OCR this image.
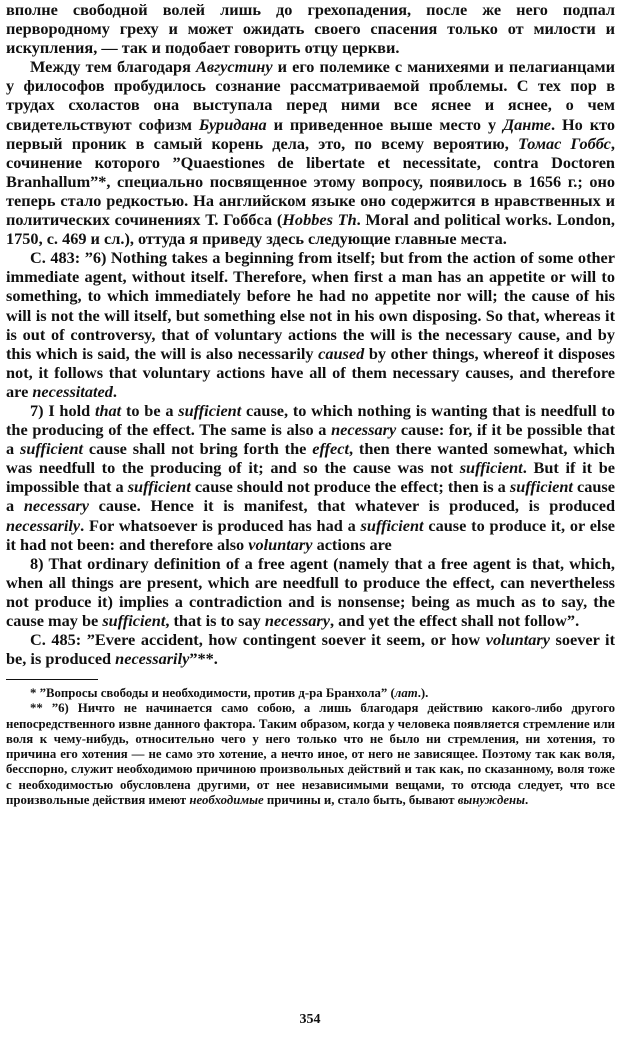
вполне свободной волей лишь до грехопадения, после же него подпал первородному греху и может ожидать своего спасения только от милости и искупления, — так и подобает говорить отцу церкви.

Между тем благодаря Августину и его полемике с манихеями и пелагианцами у философов пробудилось сознание рассматриваемой проблемы. С тех пор в трудах схоластов она выступала перед ними все яснее и яснее, о чем свидетельствуют софизм Буридана и приведенное выше место у Данте. Но кто первый проник в самый корень дела, это, по всему вероятию, Томас Гоббс, сочинение которого ”Quaestiones de libertate et necessitate, contra Doctoren Branhallum”*, специально посвященное этому вопросу, появилось в 1656 г.; оно теперь стало редкостью. На английском языке оно содержится в нравственных и политических сочинениях Т. Гоббса (Hobbes Th. Moral and political works. London, 1750, с. 469 и сл.), оттуда я приведу здесь следующие главные места.

С. 483: ”6) Nothing takes a beginning from itself; but from the action of some other immediate agent, without itself. Therefore, when first a man has an appetite or will to something, to which immediately before he had no appetite nor will; the cause of his will is not the will itself, but something else not in his own disposing. So that, whereas it is out of controversy, that of voluntary actions the will is the necessary cause, and by this which is said, the will is also necessarily caused by other things, whereof it disposes not, it follows that voluntary actions have all of them necessary causes, and therefore are necessitated.

7) I hold that to be a sufficient cause, to which nothing is wanting that is needfull to the producing of the effect. The same is also a necessary cause: for, if it be possible that a sufficient cause shall not bring forth the effect, then there wanted somewhat, which was needfull to the producing of it; and so the cause was not sufficient. But if it be impossible that a sufficient cause should not produce the effect; then is a sufficient cause a necessary cause. Hence it is manifest, that whatever is produced, is produced necessarily. For whatsoever is produced has had a sufficient cause to produce it, or else it had not been: and therefore also voluntary actions are

8) That ordinary definition of a free agent (namely that a free agent is that, which, when all things are present, which are needfull to produce the effect, can nevertheless not produce it) implies a contradiction and is nonsense; being as much as to say, the cause may be sufficient, that is to say necessary, and yet the effect shall not follow”.

С. 485: ”Evere accident, how contingent soever it seem, or how voluntary soever it be, is produced necessarily”**.

* ”Вопросы свободы и необходимости, против д-ра Бранхола” (лат.).

** ”6) Ничто не начинается само собою, а лишь благодаря действию какого-либо другого непосредственного извне данного фактора. Таким образом, когда у человека появляется стремление или воля к чему-нибудь, относительно чего у него только что не было ни стремления, ни хотения, то причина его хотения — не само это хотение, а нечто иное, от него не зависящее. Поэтому так как воля, бесспорно, служит необходимою причиною произвольных действий и так как, по сказанному, воля тоже с необходимостью обусловлена другими, от нее независимыми вещами, то отсюда следует, что все произвольные действия имеют необходимые причины и, стало быть, бывают вынуждены.

354
